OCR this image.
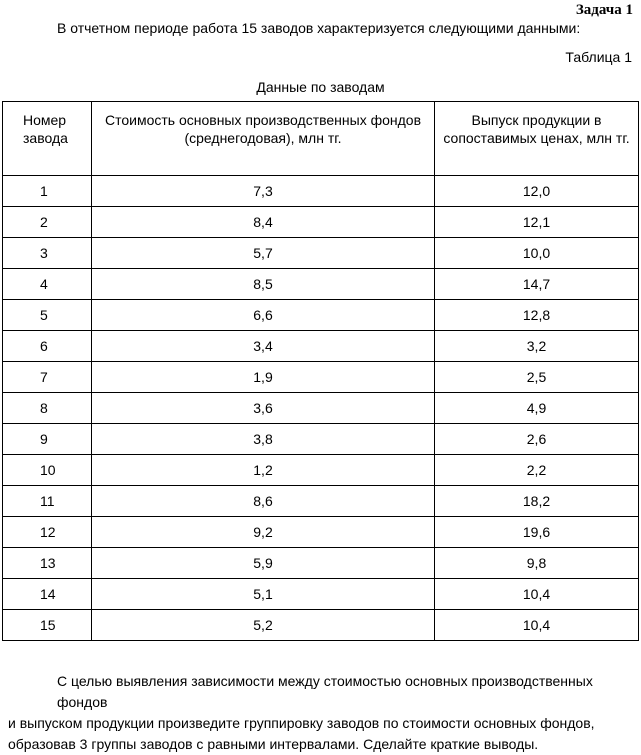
Задача 1
В отчетном периоде работа 15 заводов характеризуется следующими данными:
Таблица 1
Данные по заводам
Номер завода	Стоимость основных производственных фондов (среднегодовая), млн тг.	Выпуск продукции в сопоставимых ценах, млн тг.
1	7,3	12,0
2	8,4	12,1
3	5,7	10,0
4	8,5	14,7
5	6,6	12,8
6	3,4	3,2
7	1,9	2,5
8	3,6	4,9
9	3,8	2,6
10	1,2	2,2
11	8,6	18,2
12	9,2	19,6
13	5,9	9,8
14	5,1	10,4
15	5,2	10,4

С целью выявления зависимости между стоимостью основных производственных фондов

и выпуском продукции произведите группировку заводов по стоимости основных фондов,

образовав 3 группы заводов с равными интервалами. Сделайте краткие выводы.
